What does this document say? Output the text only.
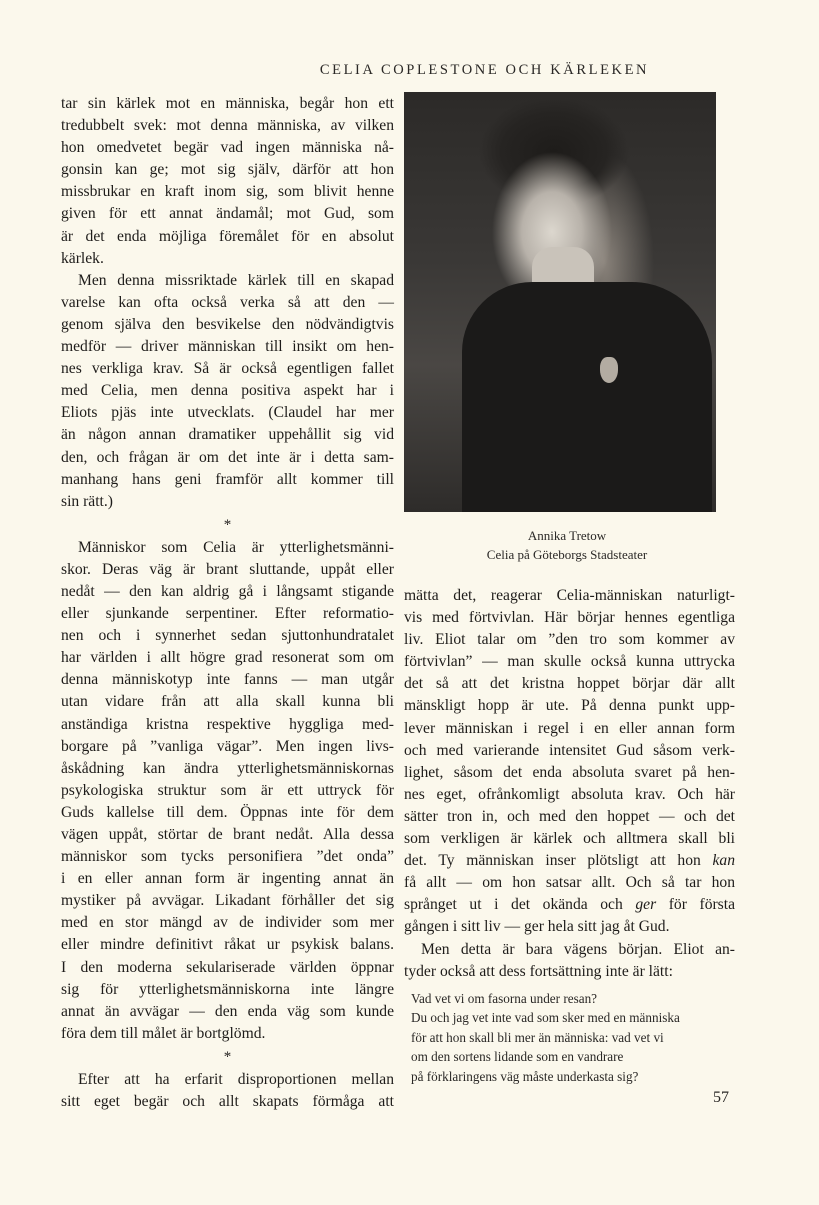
CELIA COPLESTONE OCH KÄRLEKEN
tar sin kärlek mot en människa, begår hon ett
tredubbelt svek: mot denna människa, av vilken
hon omedvetet begär vad ingen människa nå-
gonsin kan ge; mot sig själv, därför att hon
missbrukar en kraft inom sig, som blivit henne
given för ett annat ändamål; mot Gud, som
är det enda möjliga föremålet för en absolut
kärlek.
Men denna missriktade kärlek till en skapad
varelse kan ofta också verka så att den —
genom själva den besvikelse den nödvändigtvis
medför — driver människan till insikt om hen-
nes verkliga krav. Så är också egentligen fallet
med Celia, men denna positiva aspekt har i
Eliots pjäs inte utvecklats. (Claudel har mer
än någon annan dramatiker uppehållit sig vid
den, och frågan är om det inte är i detta sam-
manhang hans geni framför allt kommer till
sin rätt.)
*
Människor som Celia är ytterlighetsmänni-
skor. Deras väg är brant sluttande, uppåt eller
nedåt — den kan aldrig gå i långsamt stigande
eller sjunkande serpentiner. Efter reformatio-
nen och i synnerhet sedan sjuttonhundratalet
har världen i allt högre grad resonerat som om
denna människotyp inte fanns — man utgår
utan vidare från att alla skall kunna bli
anständiga kristna respektive hyggliga med-
borgare på ”vanliga vägar”. Men ingen livs-
åskådning kan ändra ytterlighetsmänniskornas
psykologiska struktur som är ett uttryck för
Guds kallelse till dem. Öppnas inte för dem
vägen uppåt, störtar de brant nedåt. Alla dessa
människor som tycks personifiera ”det onda”
i en eller annan form är ingenting annat än
mystiker på avvägar. Likadant förhåller det sig
med en stor mängd av de individer som mer
eller mindre definitivt råkat ur psykisk balans.
I den moderna sekulariserade världen öppnar
sig för ytterlighetsmänniskorna inte längre
annat än avvägar — den enda väg som kunde
föra dem till målet är bortglömd.
*
Efter att ha erfarit disproportionen mellan
sitt eget begär och allt skapats förmåga att
Annika Tretow
Celia på Göteborgs Stadsteater
mätta det, reagerar Celia-människan naturligt-
vis med förtvivlan. Här börjar hennes egentliga
liv. Eliot talar om ”den tro som kommer av
förtvivlan” — man skulle också kunna uttrycka
det så att det kristna hoppet börjar där allt
mänskligt hopp är ute. På denna punkt upp-
lever människan i regel i en eller annan form
och med varierande intensitet Gud såsom verk-
lighet, såsom det enda absoluta svaret på hen-
nes eget, ofrånkomligt absoluta krav. Och här
sätter tron in, och med den hoppet — och det
som verkligen är kärlek och alltmera skall bli
det. Ty människan inser plötsligt att hon kan
få allt — om hon satsar allt. Och så tar hon
språnget ut i det okända och ger för första
gången i sitt liv — ger hela sitt jag åt Gud.
Men detta är bara vägens början. Eliot an-
tyder också att dess fortsättning inte är lätt:
Vad vet vi om fasorna under resan?
Du och jag vet inte vad som sker med en människa
för att hon skall bli mer än människa: vad vet vi
om den sortens lidande som en vandrare
på förklaringens väg måste underkasta sig?
57
